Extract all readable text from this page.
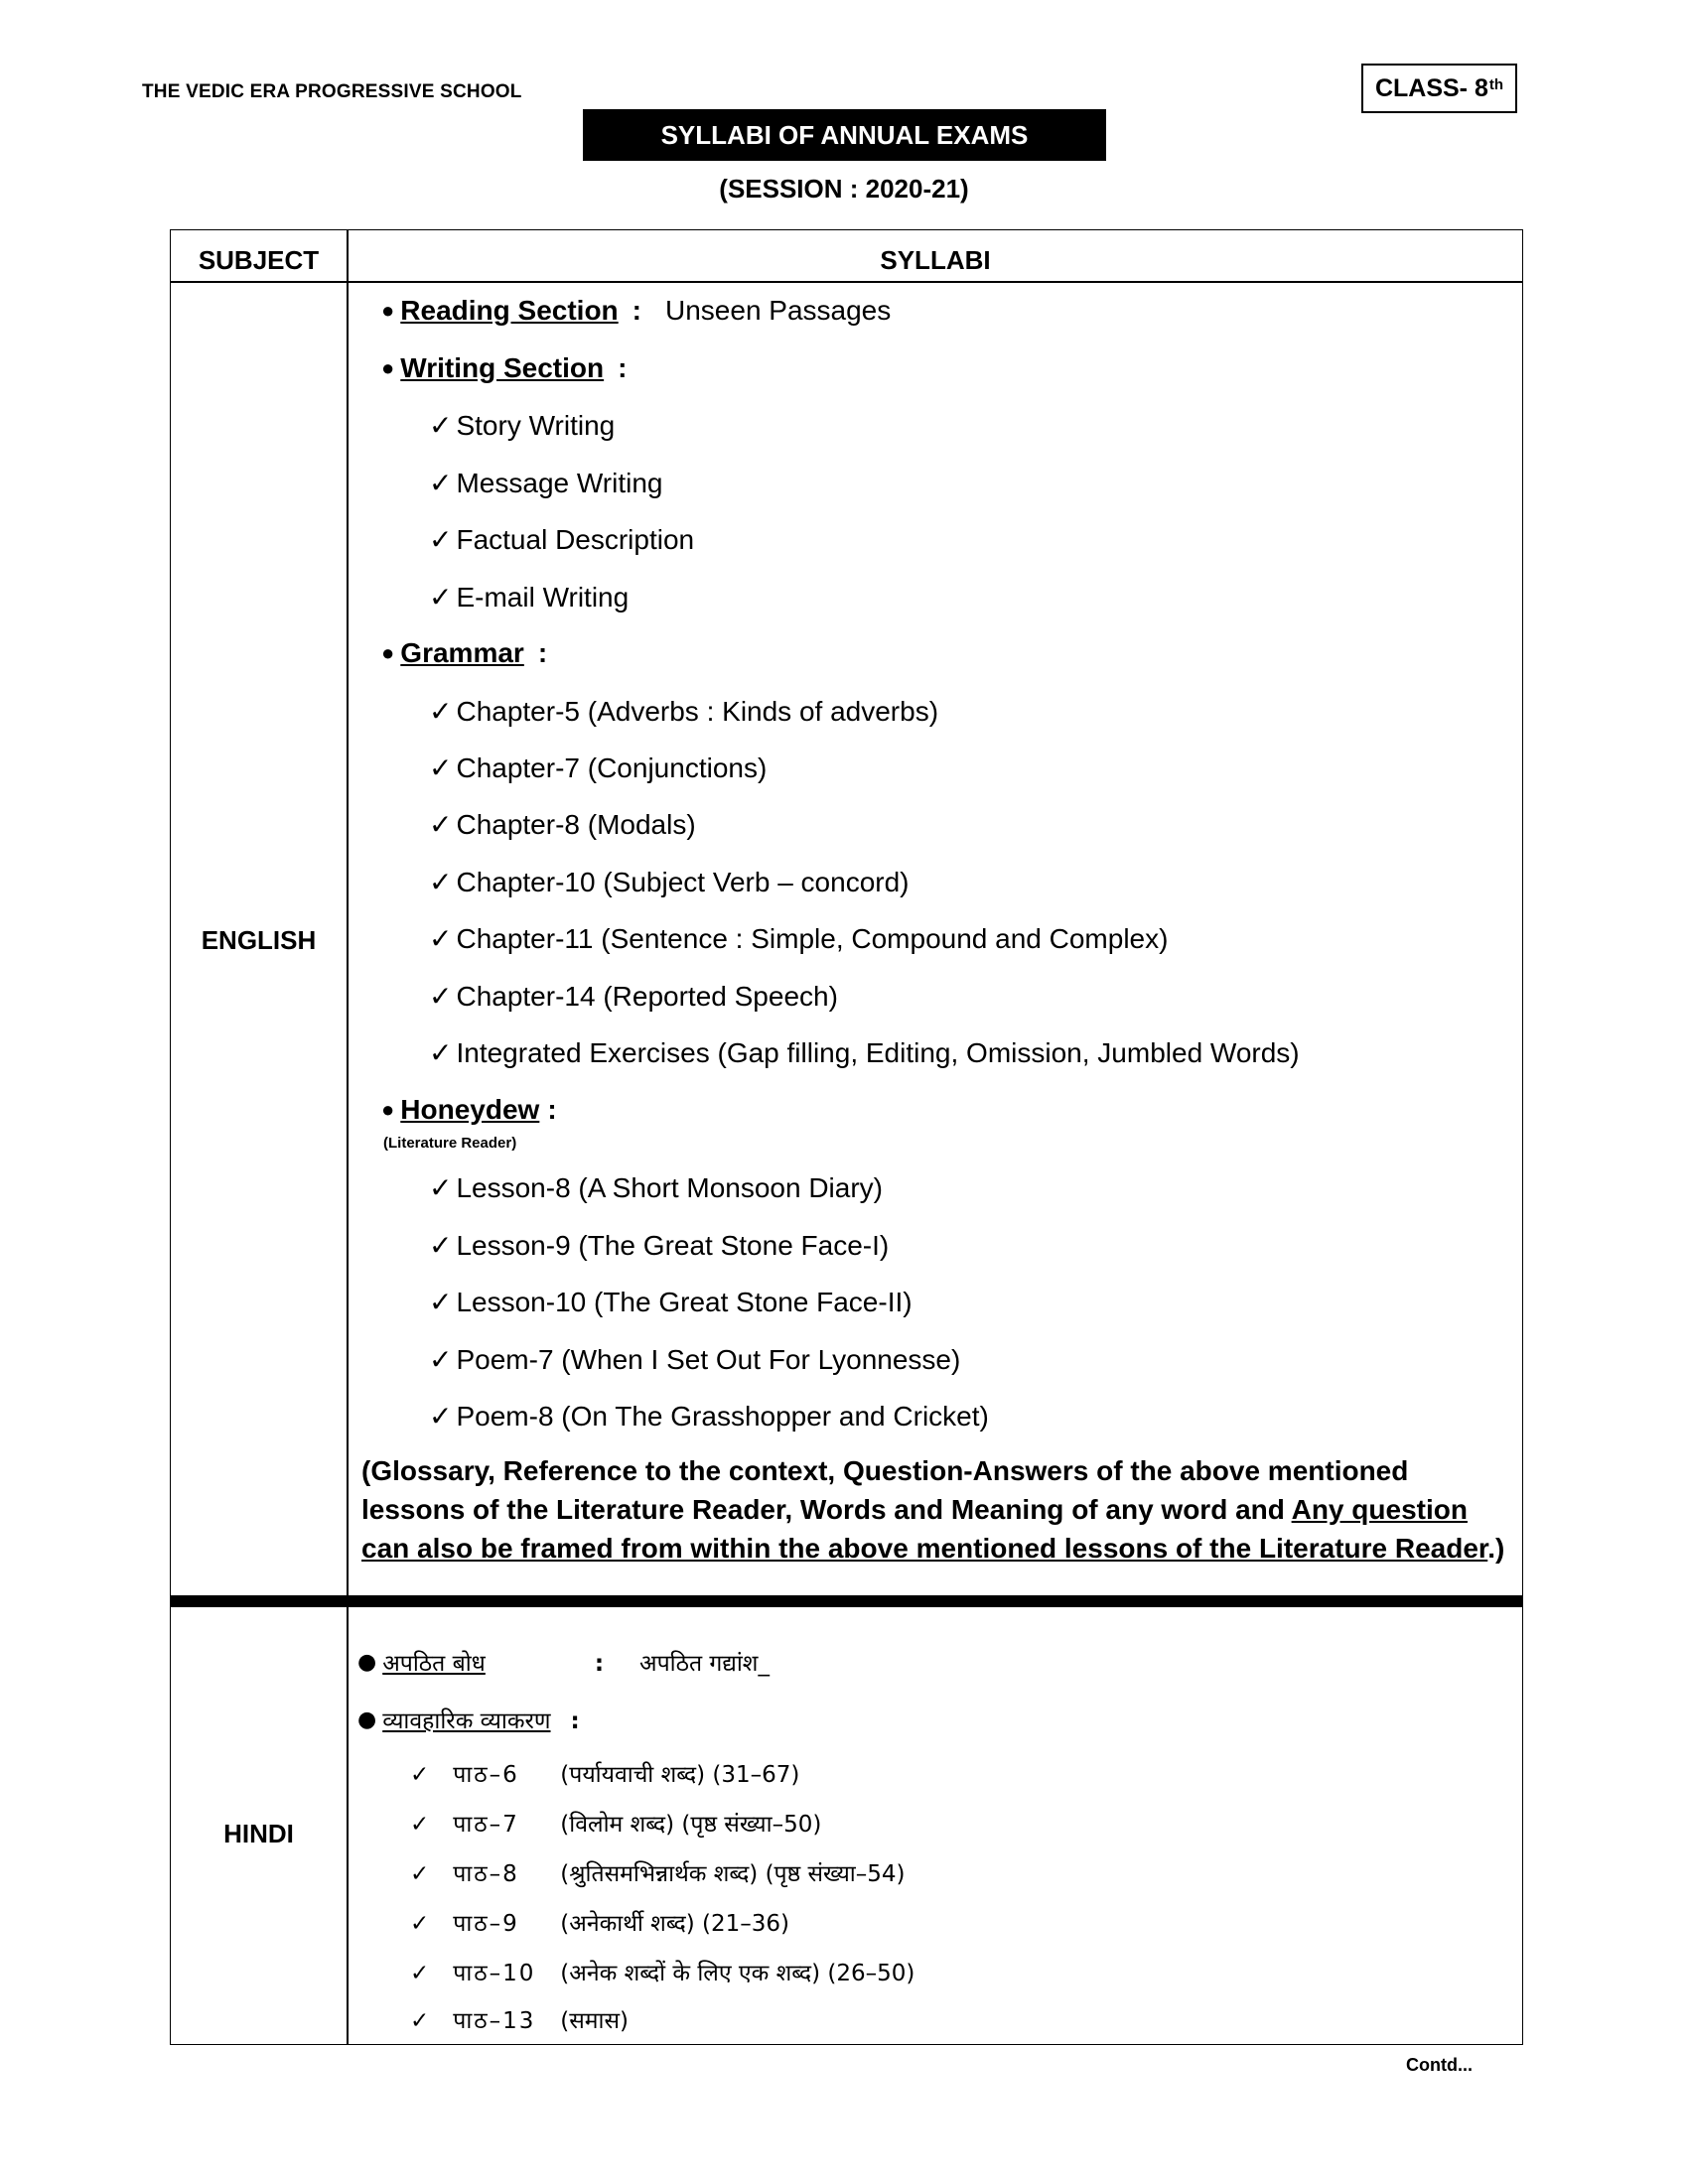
THE VEDIC ERA PROGRESSIVE SCHOOL	CLASS- 8th
SYLLABI OF ANNUAL EXAMS
(SESSION : 2020-21)
SUBJECT	SYLLABI
ENGLISH
● Reading Section : Unseen Passages
● Writing Section :
✓ Story Writing
✓ Message Writing
✓ Factual Description
✓ E-mail Writing
● Grammar :
✓ Chapter-5 (Adverbs : Kinds of adverbs)
✓ Chapter-7 (Conjunctions)
✓ Chapter-8 (Modals)
✓ Chapter-10 (Subject Verb – concord)
✓ Chapter-11 (Sentence : Simple, Compound and Complex)
✓ Chapter-14 (Reported Speech)
✓ Integrated Exercises (Gap filling, Editing, Omission, Jumbled Words)
● Honeydew :
(Literature Reader)
✓ Lesson-8 (A Short Monsoon Diary)
✓ Lesson-9 (The Great Stone Face-I)
✓ Lesson-10 (The Great Stone Face-II)
✓ Poem-7 (When I Set Out For Lyonnesse)
✓ Poem-8 (On The Grasshopper and Cricket)
(Glossary, Reference to the context, Question-Answers of the above mentioned lessons of the Literature Reader, Words and Meaning of any word and Any question can also be framed from within the above mentioned lessons of the Literature Reader.)
HINDI
● अपठित बोध	: अपठित गद्यांश_
● व्यावहारिक व्याकरण :
✓ पाठ–6 (पर्यायवाची शब्द) (31–67)
✓ पाठ–7 (विलोम शब्द) (पृष्ठ संख्या–50)
✓ पाठ–8 (श्रुतिसमभिन्नार्थक शब्द) (पृष्ठ संख्या–54)
✓ पाठ–9 (अनेकार्थी शब्द) (21–36)
✓ पाठ–10 (अनेक शब्दों के लिए एक शब्द) (26–50)
✓ पाठ–13 (समास)
Contd...
